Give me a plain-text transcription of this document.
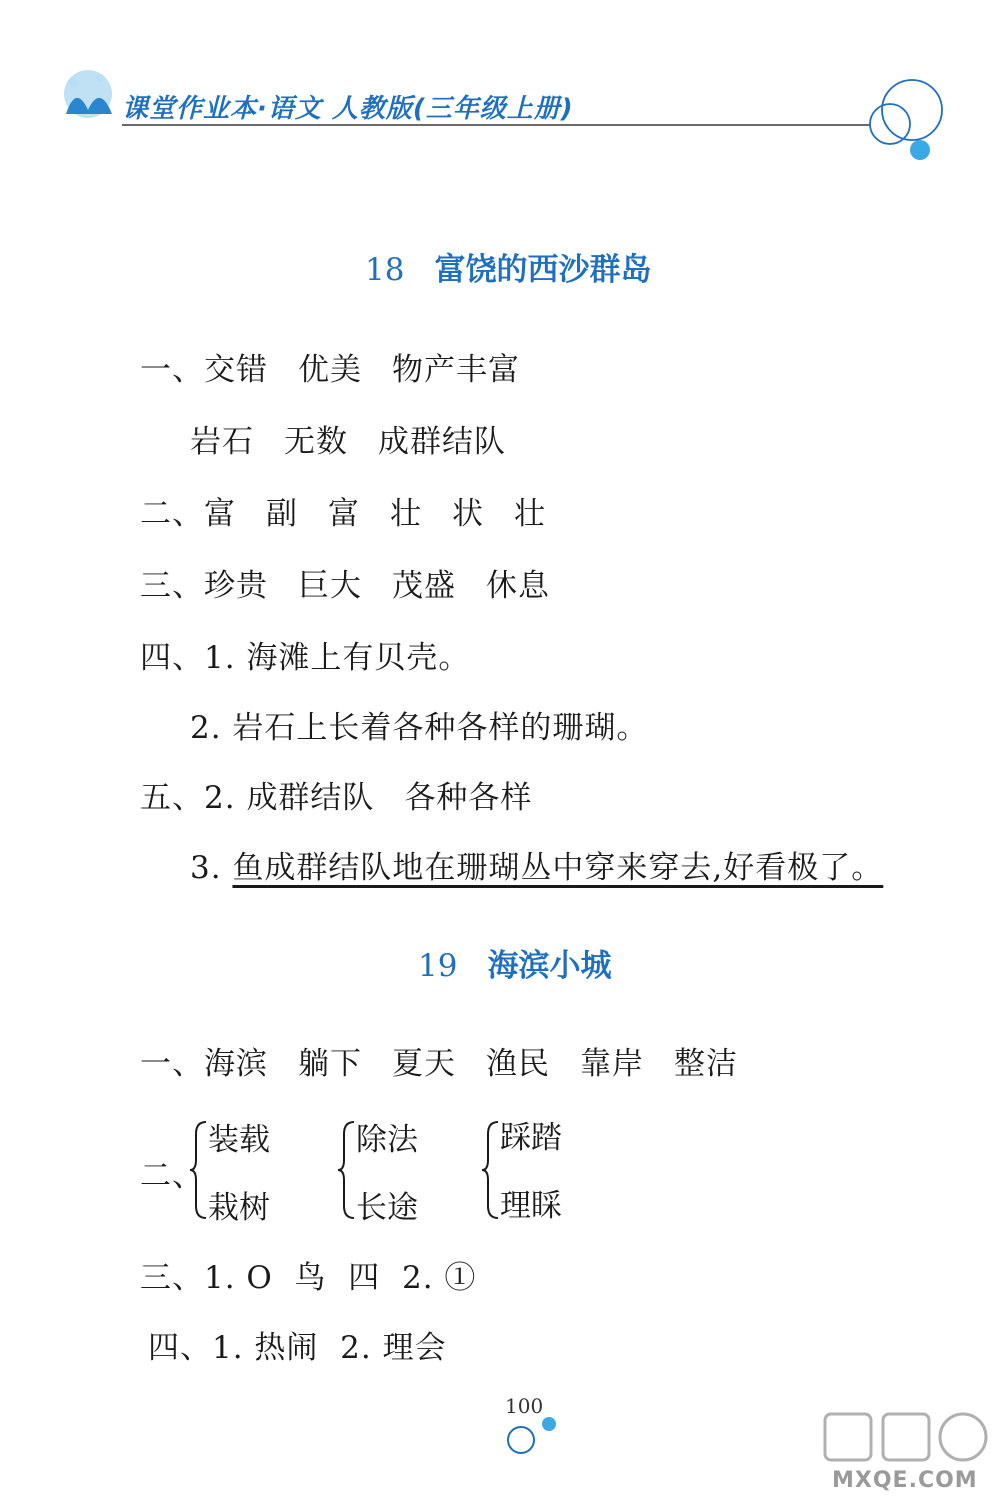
课堂作业本·语文 人教版(三年级上册)
18 富饶的西沙群岛
一、交错 优美 物产丰富
岩石 无数 成群结队
二、富 副 富 壮 状 壮
三、珍贵 巨大 茂盛 休息
四、1. 海滩上有贝壳。
2. 岩石上长着各种各样的珊瑚。
五、2. 成群结队 各种各样
3. 鱼成群结队地在珊瑚丛中穿来穿去,好看极了。
19 海滨小城
一、海滨 躺下 夏天 渔民 靠岸 整洁
二、
装载
栽树
除法
长途
踩踏
理睬
三、1. O  鸟  四  2. ①
四、1. 热闹  2. 理会
100
MXQE.COM
